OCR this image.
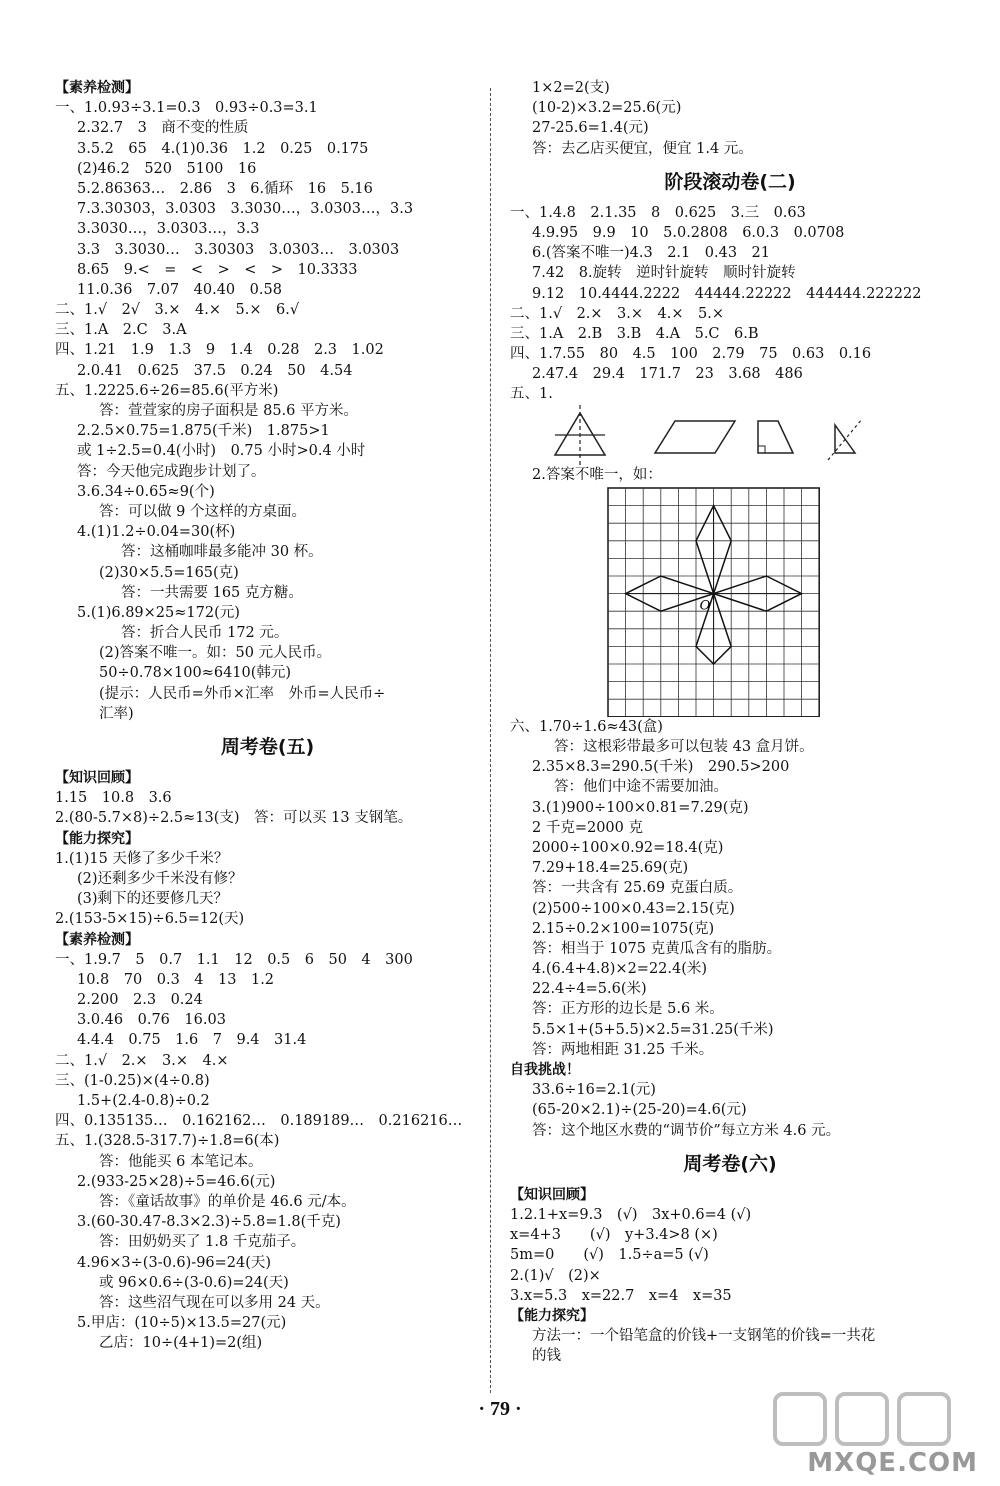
【素养检测】
一、1.0.93÷3.1=0.3　0.93÷0.3=3.1
2.32.7　3　商不变的性质
3.5.2　65　4.(1)0.36　1.2　0.25　0.175
(2)46.2　520　5100　16
5.2.86363…　2.86　3　6.循环　16　5.16
7.3.30303，3.0303　3.3030…，3.0303…，3.3
3.3030…，3.0303…，3.3
3.3　3.3030…　3.30303　3.0303…　3.0303
8.65　9.<　=　<　>　<　>　10.3333
11.0.36　7.07　40.40　0.58
二、1.√　2√　3.×　4.×　5.×　6.√
三、1.A　2.C　3.A
四、1.21　1.9　1.3　9　1.4　0.28　2.3　1.02
2.0.41　0.625　37.5　0.24　50　4.54
五、1.2225.6÷26=85.6(平方米)
答：萱萱家的房子面积是 85.6 平方米。
2.2.5×0.75=1.875(千米)　1.875>1
或 1÷2.5=0.4(小时)　0.75 小时>0.4 小时
答：今天他完成跑步计划了。
3.6.34÷0.65≈9(个)
答：可以做 9 个这样的方桌面。
4.(1)1.2÷0.04=30(杯)
答：这桶咖啡最多能冲 30 杯。
(2)30×5.5=165(克)
答：一共需要 165 克方糖。
5.(1)6.89×25≈172(元)
答：折合人民币 172 元。
(2)答案不唯一。如：50 元人民币。
50÷0.78×100≈6410(韩元)
(提示：人民币=外币×汇率　外币=人民币÷
汇率)
周考卷(五)
【知识回顾】
1.15　10.8　3.6
2.(80-5.7×8)÷2.5≈13(支)　答：可以买 13 支钢笔。
【能力探究】
1.(1)15 天修了多少千米？
(2)还剩多少千米没有修？
(3)剩下的还要修几天？
2.(153-5×15)÷6.5=12(天)
【素养检测】
一、1.9.7　5　0.7　1.1　12　0.5　6　50　4　300
10.8　70　0.3　4　13　1.2
2.200　2.3　0.24
3.0.46　0.76　16.03
4.4.4　0.75　1.6　7　9.4　31.4
二、1.√　2.×　3.×　4.×
三、(1-0.25)×(4÷0.8)
1.5+(2.4-0.8)÷0.2
四、0.135135…　0.162162…　0.189189…　0.216216…
五、1.(328.5-317.7)÷1.8=6(本)
答：他能买 6 本笔记本。
2.(933-25×28)÷5=46.6(元)
答：《童话故事》的单价是 46.6 元/本。
3.(60-30.47-8.3×2.3)÷5.8=1.8(千克)
答：田奶奶买了 1.8 千克茄子。
4.96×3÷(3-0.6)-96=24(天)
或 96×0.6÷(3-0.6)=24(天)
答：这些沼气现在可以多用 24 天。
5.甲店：(10÷5)×13.5=27(元)
乙店：10÷(4+1)=2(组)
1×2=2(支)
(10-2)×3.2=25.6(元)
27-25.6=1.4(元)
答：去乙店买便宜，便宜 1.4 元。
阶段滚动卷(二)
一、1.4.8　2.1.35　8　0.625　3.三　0.63
4.9.95　9.9　10　5.0.2808　6.0.3　0.0708
6.(答案不唯一)4.3　2.1　0.43　21
7.42　8.旋转　逆时针旋转　顺时针旋转
9.12　10.4444.2222　44444.22222　444444.222222
二、1.√　2.×　3.×　4.×　5.×
三、1.A　2.B　3.B　4.A　5.C　6.B
四、1.7.55　80　4.5　100　2.79　75　0.63　0.16
2.47.4　29.4　171.7　23　3.68　486
五、1.
2.答案不唯一，如：
O
六、1.70÷1.6≈43(盒)
答：这根彩带最多可以包装 43 盒月饼。
2.35×8.3=290.5(千米)　290.5>200
答：他们中途不需要加油。
3.(1)900÷100×0.81=7.29(克)
2 千克=2000 克
2000÷100×0.92=18.4(克)
7.29+18.4=25.69(克)
答：一共含有 25.69 克蛋白质。
(2)500÷100×0.43=2.15(克)
2.15÷0.2×100=1075(克)
答：相当于 1075 克黄瓜含有的脂肪。
4.(6.4+4.8)×2=22.4(米)
22.4÷4=5.6(米)
答：正方形的边长是 5.6 米。
5.5×1+(5+5.5)×2.5=31.25(千米)
答：两地相距 31.25 千米。
自我挑战！
33.6÷16=2.1(元)
(65-20×2.1)÷(25-20)=4.6(元)
答：这个地区水费的“调节价”每立方米 4.6 元。
周考卷(六)
【知识回顾】
1.2.1+x=9.3　(√)　3x+0.6=4 (√)
x=4+3　　(√)　y+3.4>8 (×)
5m=0　　(√)　1.5÷a=5 (√)
2.(1)√　(2)×
3.x=5.3　x=22.7　x=4　x=35
【能力探究】
方法一：一个铅笔盒的价钱+一支钢笔的价钱=一共花
的钱
· 79 ·
MXQE.COM
